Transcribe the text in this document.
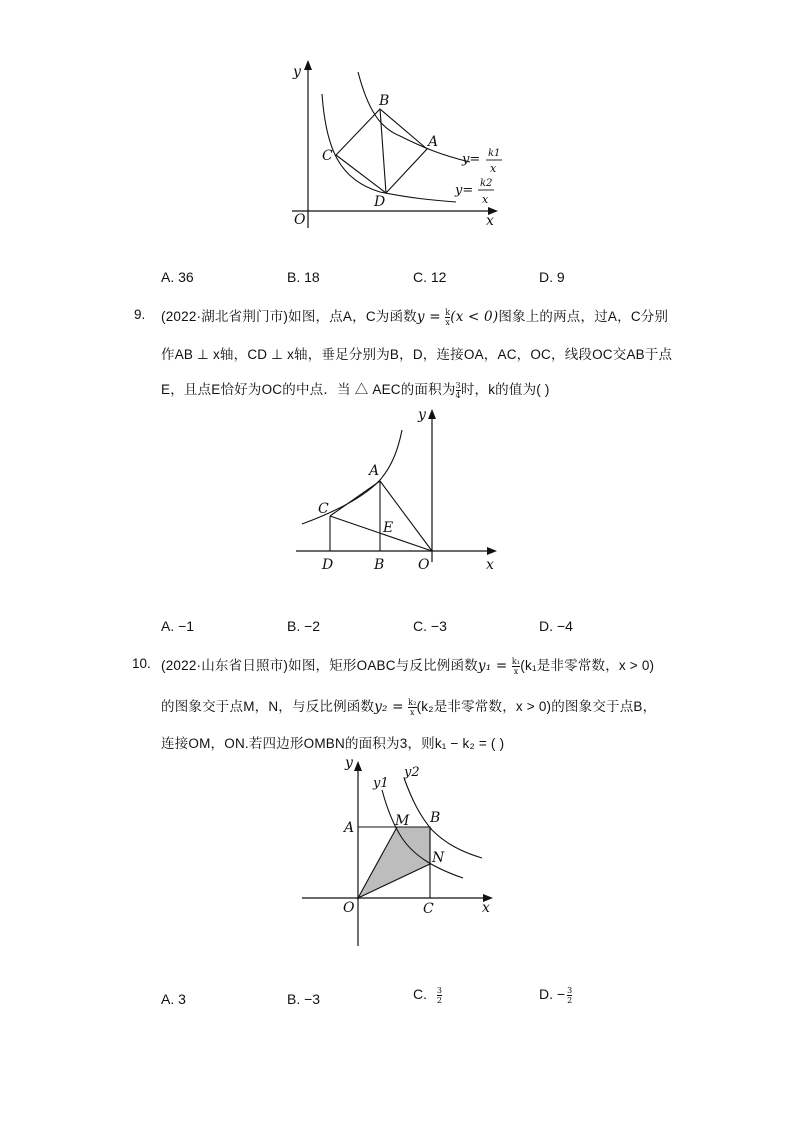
y
x
O
B
A
C
D
y= k1
x
y= k2
x
A. 36	B. 18	C. 12	D. 9
9. (2022·湖北省荆门市)如图，点A，C为函数$y = \frac{k}{x} (x < 0)$图象上的两点，过A，C分别
作AB ⊥ x轴，CD ⊥ x轴，垂足分别为B，D，连接OA，AC，OC，线段OC交AB于点
E，且点E恰好为OC的中点．当 △ AEC的面积为 $\frac{3}{4}$ 时，k的值为( )
y
x
A
C
E
D	B O
A. −1	B. −2	C. −3	D. −4
10. (2022·山东省日照市)如图，矩形OABC与反比例函数$y_1 = \frac{\text{k₁}}{x} (k_1$是非零常数，x > 0)
的图象交于点M，N，与反比例函数$y_2 = \frac{\text{k₂}}{x} (k_2$是非零常数，x > 0)的图象交于点B，
连接OM，ON.若四边形OMBN的面积为3，则k₁ − k₂ = ( )
y
x
y1
y2
A	M B
N
O	C
A. 3	B. −3	C. $\frac{3}{2}$	D. − $\frac{3}{2}$
